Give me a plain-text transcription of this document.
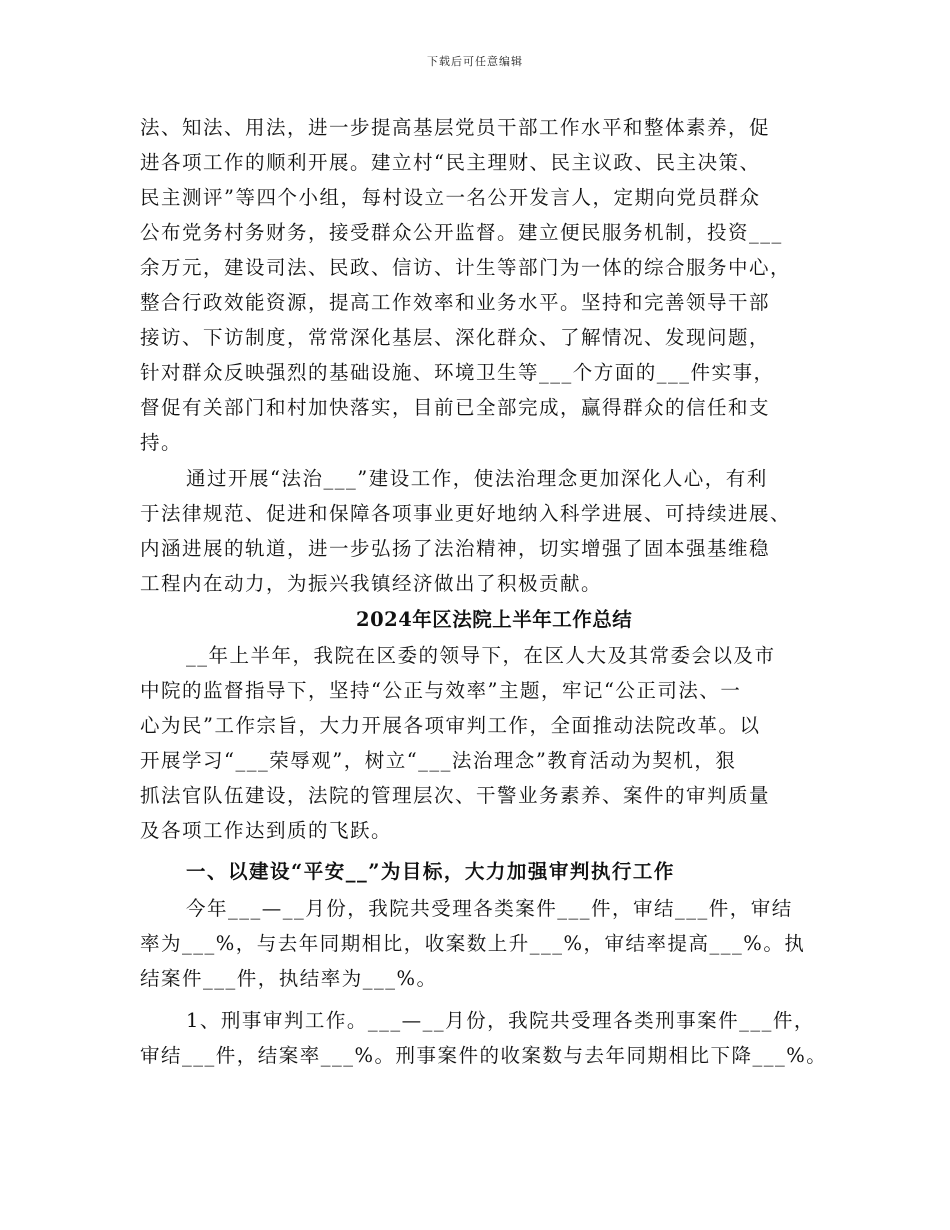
下载后可任意编辑
法、知法、用法，进一步提高基层党员干部工作水平和整体素养，促
进各项工作的顺利开展。建立村“民主理财、民主议政、民主决策、
民主测评”等四个小组，每村设立一名公开发言人，定期向党员群众
公布党务村务财务，接受群众公开监督。建立便民服务机制，投资___
余万元，建设司法、民政、信访、计生等部门为一体的综合服务中心，
整合行政效能资源，提高工作效率和业务水平。坚持和完善领导干部
接访、下访制度，常常深化基层、深化群众、了解情况、发现问题，
针对群众反映强烈的基础设施、环境卫生等___个方面的___件实事，
督促有关部门和村加快落实，目前已全部完成，赢得群众的信任和支
持。
通过开展“法治___”建设工作，使法治理念更加深化人心，有利
于法律规范、促进和保障各项事业更好地纳入科学进展、可持续进展、
内涵进展的轨道，进一步弘扬了法治精神，切实增强了固本强基维稳
工程内在动力，为振兴我镇经济做出了积极贡献。
2024年区法院上半年工作总结
__年上半年，我院在区委的领导下，在区人大及其常委会以及市
中院的监督指导下，坚持“公正与效率”主题，牢记“公正司法、一
心为民”工作宗旨，大力开展各项审判工作，全面推动法院改革。以
开展学习“___荣辱观”，树立“___法治理念”教育活动为契机，狠
抓法官队伍建设，法院的管理层次、干警业务素养、案件的审判质量
及各项工作达到质的飞跃。
一、以建设“平安__”为目标，大力加强审判执行工作
今年___—__月份，我院共受理各类案件___件，审结___件，审结
率为___%，与去年同期相比，收案数上升___%，审结率提高___%。执
结案件___件，执结率为___%。
1、刑事审判工作。___—__月份，我院共受理各类刑事案件___件，
审结___件，结案率___%。刑事案件的收案数与去年同期相比下降___%。
